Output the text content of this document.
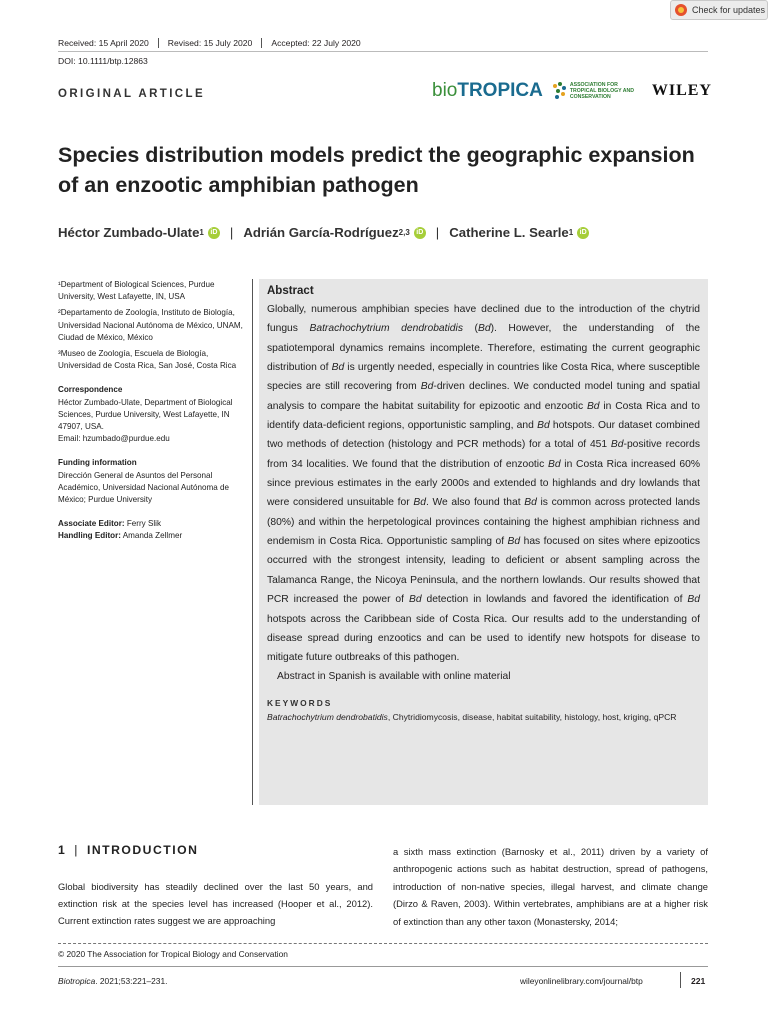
Check for updates
Received: 15 April 2020	Revised: 15 July 2020	Accepted: 22 July 2020
DOI: 10.1111/btp.12863
ORIGINAL ARTICLE	bioTROPICA	ASSOCIATION FOR TROPICAL BIOLOGY AND CONSERVATION	WILEY
Species distribution models predict the geographic expansion of an enzootic amphibian pathogen
Héctor Zumbado-Ulate 1 iD | Adrián García-Rodríguez 2,3 iD | Catherine L. Searle 1 iD
¹Department of Biological Sciences, Purdue University, West Lafayette, IN, USA
²Departamento de Zoología, Instituto de Biología, Universidad Nacional Autónoma de México, UNAM, Ciudad de México, México
³Museo de Zoología, Escuela de Biología, Universidad de Costa Rica, San José, Costa Rica
Correspondence
Héctor Zumbado-Ulate, Department of Biological Sciences, Purdue University, West Lafayette, IN 47907, USA.
Email: hzumbado@purdue.edu
Funding information
Dirección General de Asuntos del Personal Académico, Universidad Nacional Autónoma de México; Purdue University
Associate Editor: Ferry Slik
Handling Editor: Amanda Zellmer
Abstract

Globally, numerous amphibian species have declined due to the introduction of the chytrid fungus Batrachochytrium dendrobatidis (Bd). However, the understanding of the spatiotemporal dynamics remains incomplete. Therefore, estimating the current geographic distribution of Bd is urgently needed, especially in countries like Costa Rica, where susceptible species are still recovering from Bd-driven declines. We conducted model tuning and spatial analysis to compare the habitat suitability for epizootic and enzootic Bd in Costa Rica and to identify data-deficient regions, opportunistic sampling, and Bd hotspots. Our dataset combined two methods of detection (histology and PCR methods) for a total of 451 Bd-positive records from 34 localities. We found that the distribution of enzootic Bd in Costa Rica increased 60% since previous estimates in the early 2000s and extended to highlands and dry lowlands that were considered unsuitable for Bd. We also found that Bd is common across protected lands (80%) and within the herpetological provinces containing the highest amphibian richness and endemism in Costa Rica. Opportunistic sampling of Bd has focused on sites where epizootics occurred with the strongest intensity, leading to deficient or absent sampling across the Talamanca Range, the Nicoya Peninsula, and the northern lowlands. Our results showed that PCR increased the power of Bd detection in lowlands and favored the identification of Bd hotspots across the Caribbean side of Costa Rica. Our results add to the understanding of disease spread during enzootics and can be used to identify new hotspots for disease to mitigate future outbreaks of this pathogen.

Abstract in Spanish is available with online material

KEYWORDS
Batrachochytrium dendrobatidis, Chytridiomycosis, disease, habitat suitability, histology, host, kriging, qPCR
1 | INTRODUCTION

Global biodiversity has steadily declined over the last 50 years, and extinction risk at the species level has increased (Hooper et al., 2012). Current extinction rates suggest we are approaching

a sixth mass extinction (Barnosky et al., 2011) driven by a variety of anthropogenic actions such as habitat destruction, spread of pathogens, introduction of non-native species, illegal harvest, and climate change (Dirzo & Raven, 2003). Within vertebrates, amphibians are at a higher risk of extinction than any other taxon (Monastersky, 2014;

© 2020 The Association for Tropical Biology and Conservation
Biotropica. 2021;53:221–231.	wileyonlinelibrary.com/journal/btp	221
